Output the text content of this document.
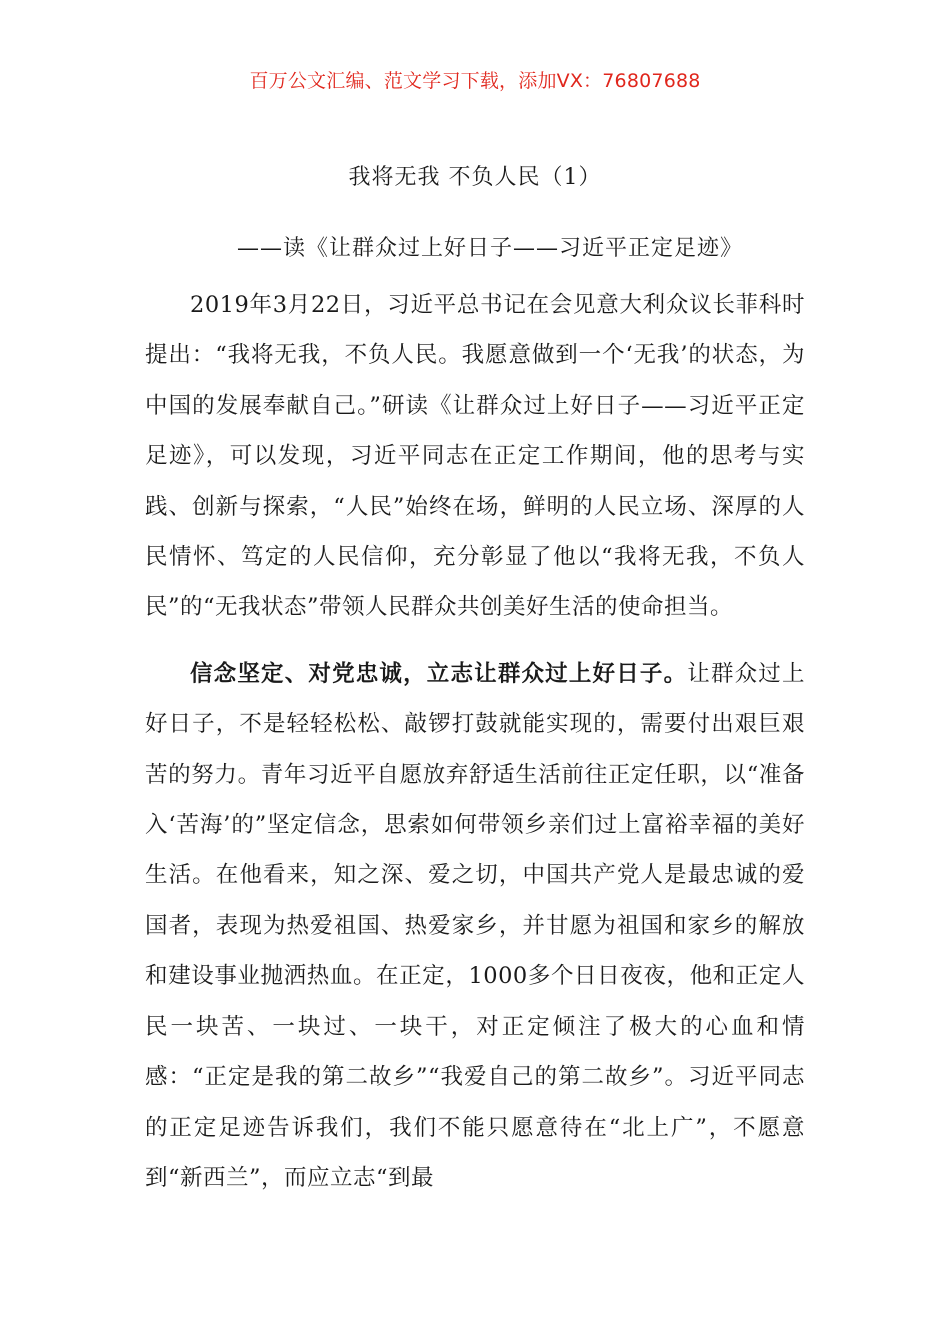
百万公文汇编、范文学习下载，添加VX：76807688
我将无我 不负人民（1）
——读《让群众过上好日子——习近平正定足迹》

2019年3月22日，习近平总书记在会见意大利众议长菲科时提出：“我将无我，不负人民。我愿意做到一个‘无我’的状态，为中国的发展奉献自己。”研读《让群众过上好日子——习近平正定足迹》，可以发现，习近平同志在正定工作期间，他的思考与实践、创新与探索，“人民”始终在场，鲜明的人民立场、深厚的人民情怀、笃定的人民信仰，充分彰显了他以“我将无我，不负人民”的“无我状态”带领人民群众共创美好生活的使命担当。

信念坚定、对党忠诚，立志让群众过上好日子。让群众过上好日子，不是轻轻松松、敲锣打鼓就能实现的，需要付出艰巨艰苦的努力。青年习近平自愿放弃舒适生活前往正定任职，以“准备入‘苦海’的”坚定信念，思索如何带领乡亲们过上富裕幸福的美好生活。在他看来，知之深、爱之切，中国共产党人是最忠诚的爱国者，表现为热爱祖国、热爱家乡，并甘愿为祖国和家乡的解放和建设事业抛洒热血。在正定，1000多个日日夜夜，他和正定人民一块苦、一块过、一块干，对正定倾注了极大的心血和情感：“正定是我的第二故乡”“我爱自己的第二故乡”。习近平同志的正定足迹告诉我们，我们不能只愿意待在“北上广”，不愿意到“新西兰”，而应立志“到最
